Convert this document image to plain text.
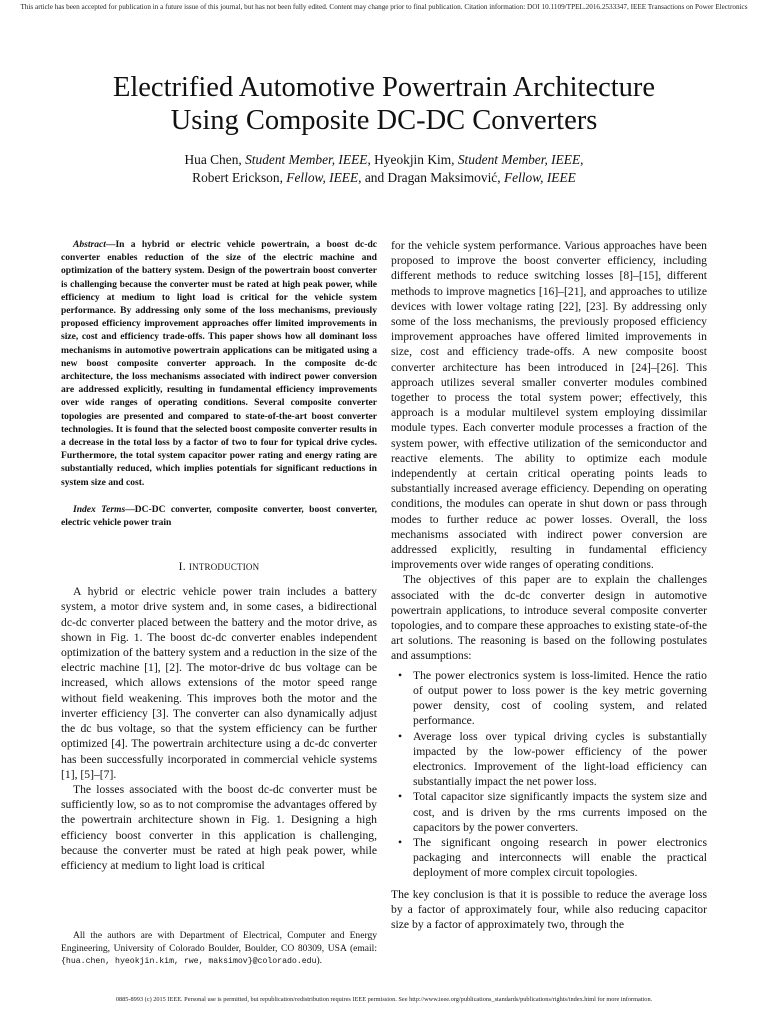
This article has been accepted for publication in a future issue of this journal, but has not been fully edited. Content may change prior to final publication. Citation information: DOI 10.1109/TPEL.2016.2533347, IEEE Transactions on Power Electronics
Electrified Automotive Powertrain Architecture
Using Composite DC-DC Converters
Hua Chen, Student Member, IEEE, Hyeokjin Kim, Student Member, IEEE,
Robert Erickson, Fellow, IEEE, and Dragan Maksimović, Fellow, IEEE

Abstract—In a hybrid or electric vehicle powertrain, a boost dc-dc converter enables reduction of the size of the electric machine and optimization of the battery system. Design of the powertrain boost converter is challenging because the converter must be rated at high peak power, while efficiency at medium to light load is critical for the vehicle system performance. By addressing only some of the loss mechanisms, previously proposed efficiency improvement approaches offer limited improvements in size, cost and efficiency trade-offs. This paper shows how all dominant loss mechanisms in automotive powertrain applications can be mitigated using a new boost composite converter approach. In the composite dc-dc architecture, the loss mechanisms associated with indirect power conversion are addressed explicitly, resulting in fundamental efficiency improvements over wide ranges of operating conditions. Several composite converter topologies are presented and compared to state-of-the-art boost converter technologies. It is found that the selected boost composite converter results in a decrease in the total loss by a factor of two to four for typical drive cycles. Furthermore, the total system capacitor power rating and energy rating are substantially reduced, which implies potentials for significant reductions in system size and cost.

Index Terms—DC-DC converter, composite converter, boost converter, electric vehicle power train

I. INTRODUCTION

A hybrid or electric vehicle power train includes a battery system, a motor drive system and, in some cases, a bidirectional dc-dc converter placed between the battery and the motor drive, as shown in Fig. 1. The boost dc-dc converter enables independent optimization of the battery system and a reduction in the size of the electric machine [1], [2]. The motor-drive dc bus voltage can be increased, which allows extensions of the motor speed range without field weakening. This improves both the motor and the inverter efficiency [3]. The converter can also dynamically adjust the dc bus voltage, so that the system efficiency can be further optimized [4]. The powertrain architecture using a dc-dc converter has been successfully incorporated in commercial vehicle systems [1], [5]–[7].

The losses associated with the boost dc-dc converter must be sufficiently low, so as to not compromise the advantages offered by the powertrain architecture shown in Fig. 1. Designing a high efficiency boost converter in this application is challenging, because the converter must be rated at high peak power, while efficiency at medium to light load is critical

All the authors are with Department of Electrical, Computer and Energy Engineering, University of Colorado Boulder, Boulder, CO 80309, USA (email: {hua.chen, hyeokjin.kim, rwe, maksimov}@colorado.edu).

for the vehicle system performance. Various approaches have been proposed to improve the boost converter efficiency, including different methods to reduce switching losses [8]–[15], different methods to improve magnetics [16]–[21], and approaches to utilize devices with lower voltage rating [22], [23]. By addressing only some of the loss mechanisms, the previously proposed efficiency improvement approaches have offered limited improvements in size, cost and efficiency trade-offs. A new composite boost converter architecture has been introduced in [24]–[26]. This approach utilizes several smaller converter modules combined together to process the total system power; effectively, this approach is a modular multilevel system employing dissimilar module types. Each converter module processes a fraction of the system power, with effective utilization of the semiconductor and reactive elements. The ability to optimize each module independently at certain critical operating points leads to substantially increased average efficiency. Depending on operating conditions, the modules can operate in shut down or pass through modes to further reduce ac power losses. Overall, the loss mechanisms associated with indirect power conversion are addressed explicitly, resulting in fundamental efficiency improvements over wide ranges of operating conditions.

The objectives of this paper are to explain the challenges associated with the dc-dc converter design in automotive powertrain applications, to introduce several composite converter topologies, and to compare these approaches to existing state-of-the art solutions. The reasoning is based on the following postulates and assumptions:

• The power electronics system is loss-limited. Hence the ratio of output power to loss power is the key metric governing power density, cost of cooling system, and related performance.
• Average loss over typical driving cycles is substantially impacted by the low-power efficiency of the power electronics. Improvement of the light-load efficiency can substantially impact the net power loss.
• Total capacitor size significantly impacts the system size and cost, and is driven by the rms currents imposed on the capacitors by the power converters.
• The significant ongoing research in power electronics packaging and interconnects will enable the practical deployment of more complex circuit topologies.

The key conclusion is that it is possible to reduce the average loss by a factor of approximately four, while also reducing capacitor size by a factor of approximately two, through the

0885-8993 (c) 2015 IEEE. Personal use is permitted, but republication/redistribution requires IEEE permission. See http://www.ieee.org/publications_standards/publications/rights/index.html for more information.
